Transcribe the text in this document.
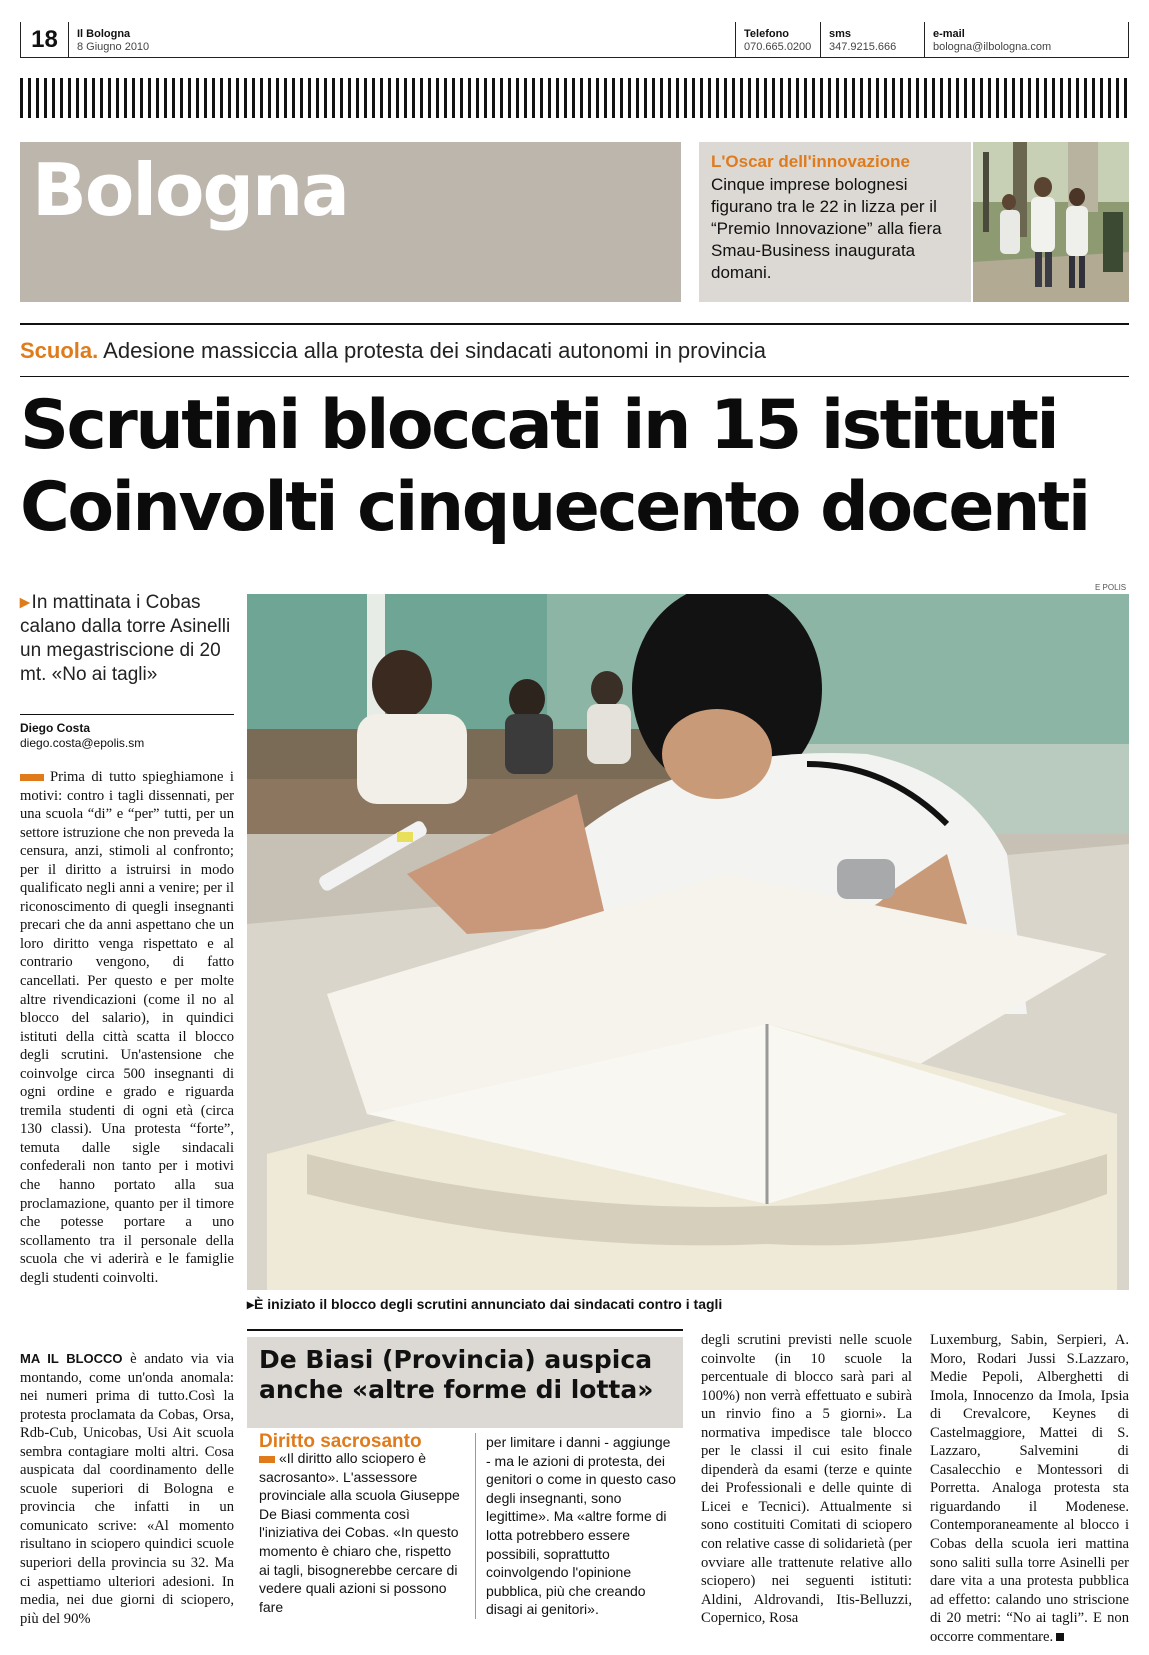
18	Il Bologna
8 Giugno 2010
Telefono
070.665.0200
sms
347.9215.666
e-mail
bologna@ilbologna.com
Bologna	L'Oscar dell'innovazione
Cinque imprese bolognesi figurano tra le 22 in lizza per il “Premio Innovazione” alla fiera Smau-Business inaugurata domani.
Scuola. Adesione massiccia alla protesta dei sindacati autonomi in provincia
Scrutini bloccati in 15 istituti
Coinvolti cinquecento docenti
▸ In mattinata i Cobas calano dalla torre Asinelli un megastriscione di 20 mt. «No ai tagli»
Diego Costa
diego.costa@epolis.sm
Prima di tutto spieghiamone i motivi: contro i tagli dissennati, per una scuola “di” e “per” tutti, per un settore istruzione che non preveda la censura, anzi, stimoli al confronto; per il diritto a istruirsi in modo qualificato negli anni a venire; per il riconoscimento di quegli insegnanti precari che da anni aspettano che un loro diritto venga rispettato e al contrario vengono, di fatto cancellati. Per questo e per molte altre rivendicazioni (come il no al blocco del salario), in quindici istituti della città scatta il blocco degli scrutini. Un'astensione che coinvolge circa 500 insegnanti di ogni ordine e grado e riguarda tremila studenti di ogni età (circa 130 classi). Una protesta “forte”, temuta dalle sigle sindacali confederali non tanto per i motivi che hanno portato alla sua proclamazione, quanto per il timore che potesse portare a uno scollamento tra il personale della scuola che vi aderirà e le famiglie degli studenti coinvolti.
MA IL BLOCCO è andato via via montando, come un'onda anomala: nei numeri prima di tutto.Così la protesta proclamata da Cobas, Orsa, Rdb-Cub, Unicobas, Usi Ait scuola sembra contagiare molti altri. Cosa auspicata dal coordinamento delle scuole superiori di Bologna e provincia che infatti in un comunicato scrive: «Al momento risultano in sciopero quindici scuole superiori della provincia su 32. Ma ci aspettiamo ulteriori adesioni. In media, nei due giorni di sciopero, più del 90%
degli scrutini previsti nelle scuole coinvolte (in 10 scuole la percentuale di blocco sarà pari al 100%) non verrà effettuato e subirà un rinvio fino a 5 giorni». La normativa impedisce tale blocco per le classi il cui esito finale dipenderà da esami (terze e quinte dei Professionali e delle quinte di Licei e Tecnici). Attualmente si sono costituiti Comitati di sciopero con relative casse di solidarietà (per ovviare alle trattenute relative allo sciopero) nei seguenti istituti: Aldini, Aldrovandi, Itis-Belluzzi, Copernico, Rosa
Luxemburg, Sabin, Serpieri, A. Moro, Rodari Jussi S.Lazzaro, Medie Pepoli, Alberghetti di Imola, Innocenzo da Imola, Ipsia di Crevalcore, Keynes di Castelmaggiore, Mattei di S. Lazzaro, Salvemini di Casalecchio e Montessori di Porretta. Analoga protesta sta riguardando il Modenese. Contemporaneamente al blocco i Cobas della scuola ieri mattina sono saliti sulla torre Asinelli per dare vita a una protesta pubblica ad effetto: calando uno striscione di 20 metri: “No ai tagli”. E non occorre commentare.
E POLIS
▸È iniziato il blocco degli scrutini annunciato dai sindacati contro i tagli
De Biasi (Provincia) auspica anche «altre forme di lotta»
Diritto sacrosanto
«Il diritto allo sciopero è sacrosanto». L'assessore provinciale alla scuola Giuseppe De Biasi commenta così l'iniziativa dei Cobas. «In questo momento è chiaro che, rispetto ai tagli, bisognerebbe cercare di vedere quali azioni si possono fare
per limitare i danni - aggiunge - ma le azioni di protesta, dei genitori o come in questo caso degli insegnanti, sono legittime». Ma «altre forme di lotta potrebbero essere possibili, soprattutto coinvolgendo l'opinione pubblica, più che creando disagi ai genitori».
